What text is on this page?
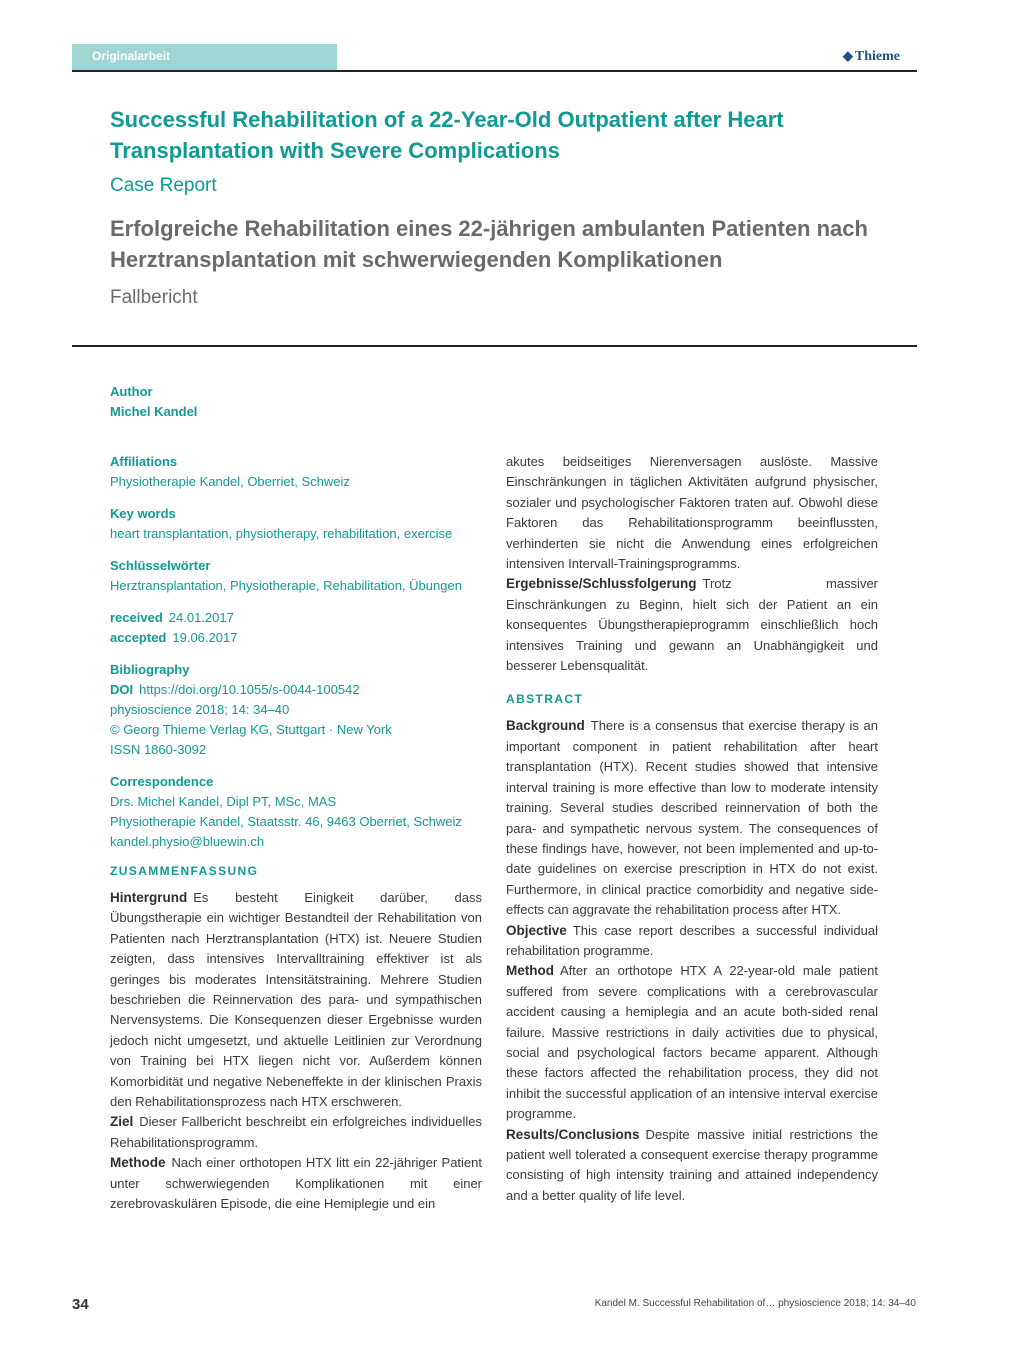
Originalarbeit	◆ Thieme
Successful Rehabilitation of a 22-Year-Old Outpatient after Heart Transplantation with Severe Complications
Case Report
Erfolgreiche Rehabilitation eines 22-jährigen ambulanten Patienten nach Herztransplantation mit schwerwiegenden Komplikationen
Fallbericht
Author
Michel Kandel
Affiliations
Physiotherapie Kandel, Oberriet, Schweiz
Key words
heart transplantation, physiotherapy, rehabilitation, exercise
Schlüsselwörter
Herztransplantation, Physiotherapie, Rehabilitation, Übungen
received 24.01.2017
accepted 19.06.2017
Bibliography
DOI https://doi.org/10.1055/s-0044-100542
physioscience 2018; 14: 34–40
© Georg Thieme Verlag KG, Stuttgart · New York
ISSN 1860-3092
Correspondence
Drs. Michel Kandel, Dipl PT, MSc, MAS
Physiotherapie Kandel, Staatsstr. 46, 9463 Oberriet, Schweiz
kandel.physio@bluewin.ch
ZUSAMMENFASSUNG

Hintergrund Es besteht Einigkeit darüber, dass Übungstherapie ein wichtiger Bestandteil der Rehabilitation von Patienten nach Herztransplantation (HTX) ist. Neuere Studien zeigten, dass intensives Intervalltraining effektiver ist als geringes bis moderates Intensitätstraining. Mehrere Studien beschrieben die Reinnervation des para- und sympathischen Nervensystems. Die Konsequenzen dieser Ergebnisse wurden jedoch nicht umgesetzt, und aktuelle Leitlinien zur Verordnung von Training bei HTX liegen nicht vor. Außerdem können Komorbidität und negative Nebeneffekte in der klinischen Praxis den Rehabilitationsprozess nach HTX erschweren.

Ziel Dieser Fallbericht beschreibt ein erfolgreiches individuelles Rehabilitationsprogramm.

Methode Nach einer orthotopen HTX litt ein 22-jähriger Patient unter schwerwiegenden Komplikationen mit einer zerebrovaskulären Episode, die eine Hemiplegie und ein

akutes beidseitiges Nierenversagen auslöste. Massive Einschränkungen in täglichen Aktivitäten aufgrund physischer, sozialer und psychologischer Faktoren traten auf. Obwohl diese Faktoren das Rehabilitationsprogramm beeinflussten, verhinderten sie nicht die Anwendung eines erfolgreichen intensiven Intervall-Trainingsprogramms.

Ergebnisse/Schlussfolgerung Trotz massiver Einschränkungen zu Beginn, hielt sich der Patient an ein konsequentes Übungstherapieprogramm einschließlich hoch intensives Training und gewann an Unabhängigkeit und besserer Lebensqualität.

ABSTRACT

Background There is a consensus that exercise therapy is an important component in patient rehabilitation after heart transplantation (HTX). Recent studies showed that intensive interval training is more effective than low to moderate intensity training. Several studies described reinnervation of both the para- and sympathetic nervous system. The consequences of these findings have, however, not been implemented and up-to-date guidelines on exercise prescription in HTX do not exist. Furthermore, in clinical practice comorbidity and negative side-effects can aggravate the rehabilitation process after HTX.

Objective This case report describes a successful individual rehabilitation programme.

Method After an orthotope HTX A 22-year-old male patient suffered from severe complications with a cerebrovascular accident causing a hemiplegia and an acute both-sided renal failure. Massive restrictions in daily activities due to physical, social and psychological factors became apparent. Although these factors affected the rehabilitation process, they did not inhibit the successful application of an intensive interval exercise programme.

Results/Conclusions Despite massive initial restrictions the patient well tolerated a consequent exercise therapy programme consisting of high intensity training and attained independency and a better quality of life level.

34	Kandel M. Successful Rehabilitation of… physioscience 2018; 14: 34–40
